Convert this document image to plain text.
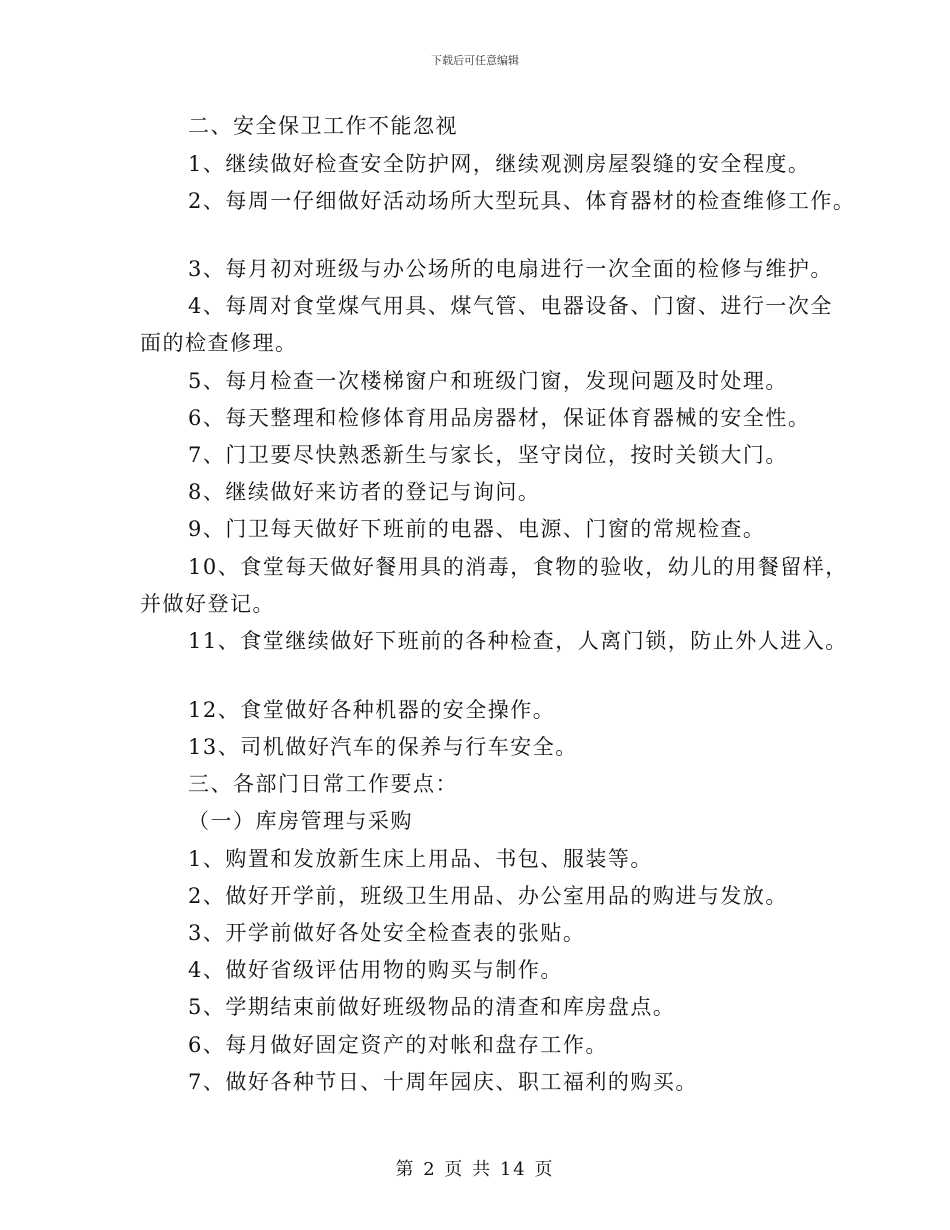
下载后可任意编辑
二、安全保卫工作不能忽视
1、继续做好检查安全防护网，继续观测房屋裂缝的安全程度。
2、每周一仔细做好活动场所大型玩具、体育器材的检查维修工作。
3、每月初对班级与办公场所的电扇进行一次全面的检修与维护。
4、每周对食堂煤气用具、煤气管、电器设备、门窗、进行一次全
面的检查修理。
5、每月检查一次楼梯窗户和班级门窗，发现问题及时处理。
6、每天整理和检修体育用品房器材，保证体育器械的安全性。
7、门卫要尽快熟悉新生与家长，坚守岗位，按时关锁大门。
8、继续做好来访者的登记与询问。
9、门卫每天做好下班前的电器、电源、门窗的常规检查。
10、食堂每天做好餐用具的消毒，食物的验收，幼儿的用餐留样，
并做好登记。
11、食堂继续做好下班前的各种检查，人离门锁，防止外人进入。
12、食堂做好各种机器的安全操作。
13、司机做好汽车的保养与行车安全。
三、各部门日常工作要点：
（一）库房管理与采购
1、购置和发放新生床上用品、书包、服装等。
2、做好开学前，班级卫生用品、办公室用品的购进与发放。
3、开学前做好各处安全检查表的张贴。
4、做好省级评估用物的购买与制作。
5、学期结束前做好班级物品的清查和库房盘点。
6、每月做好固定资产的对帐和盘存工作。
7、做好各种节日、十周年园庆、职工福利的购买。
第 2 页 共 14 页
